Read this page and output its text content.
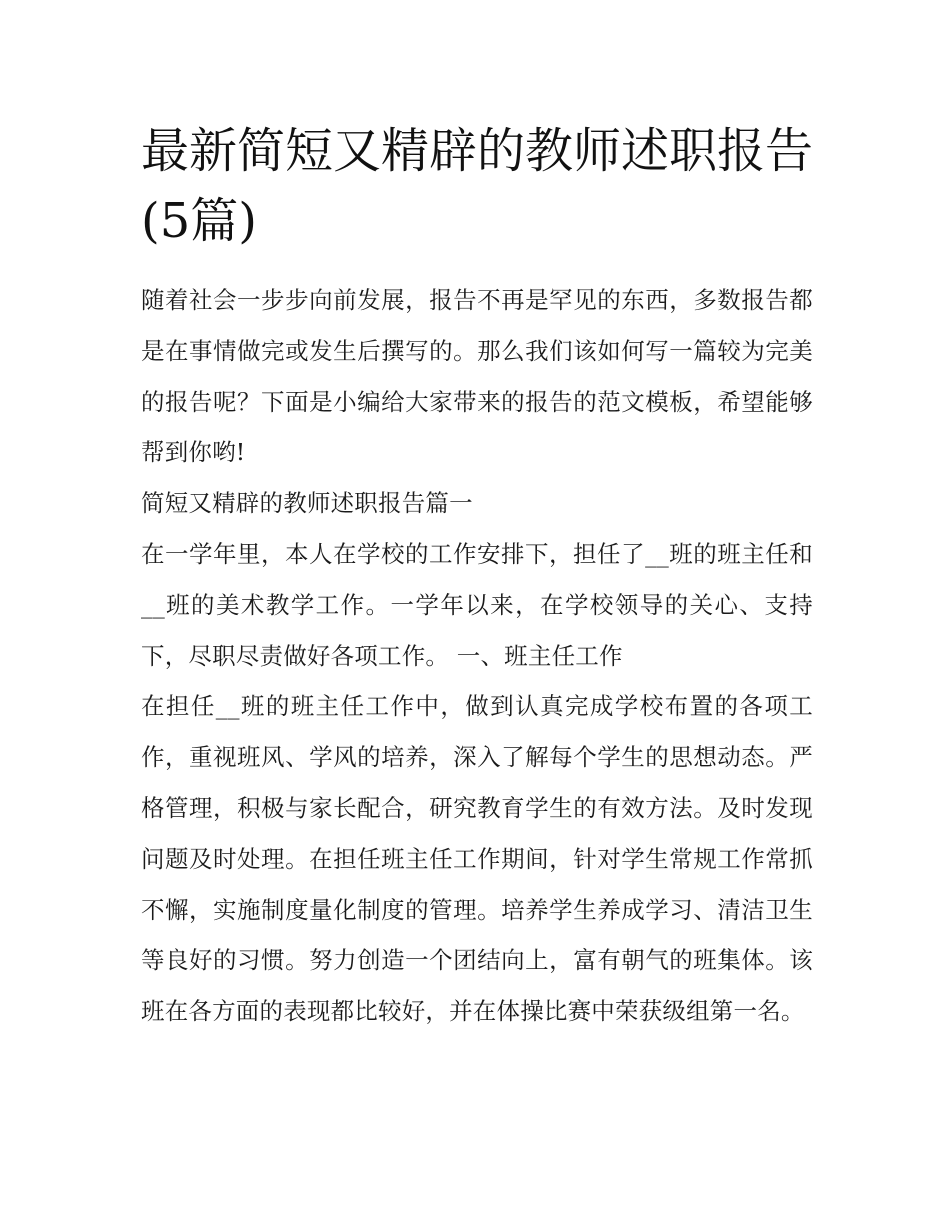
最新简短又精辟的教师述职报告(5篇)

随着社会一步步向前发展，报告不再是罕见的东西，多数报告都是在事情做完或发生后撰写的。那么我们该如何写一篇较为完美的报告呢？下面是小编给大家带来的报告的范文模板，希望能够帮到你哟!

简短又精辟的教师述职报告篇一

在一学年里，本人在学校的工作安排下，担任了__班的班主任和__班的美术教学工作。一学年以来，在学校领导的关心、支持下，尽职尽责做好各项工作。 一、班主任工作

在担任__班的班主任工作中，做到认真完成学校布置的各项工作，重视班风、学风的培养，深入了解每个学生的思想动态。严格管理，积极与家长配合，研究教育学生的有效方法。及时发现问题及时处理。在担任班主任工作期间，针对学生常规工作常抓不懈，实施制度量化制度的管理。培养学生养成学习、清洁卫生等良好的习惯。努力创造一个团结向上，富有朝气的班集体。该班在各方面的表现都比较好，并在体操比赛中荣获级组第一名。
